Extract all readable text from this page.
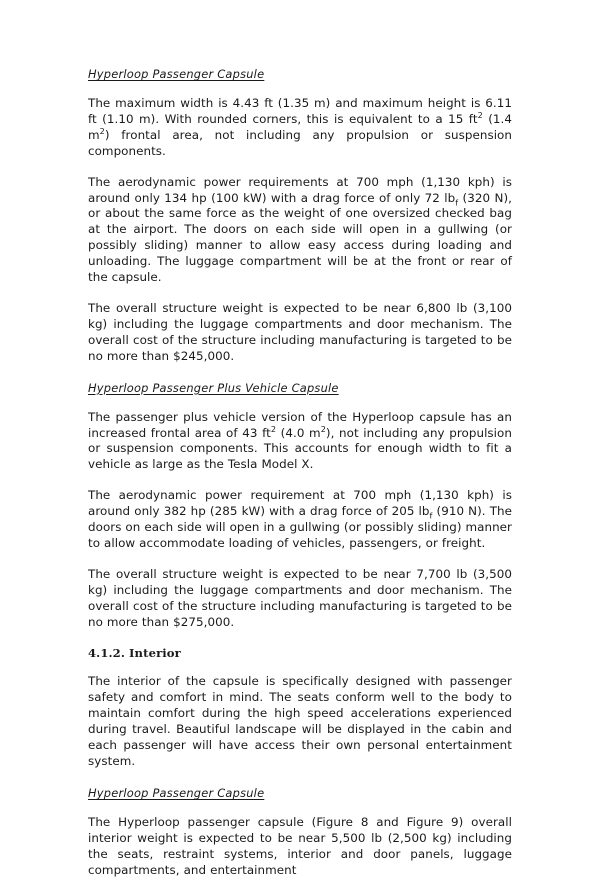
Hyperloop Passenger Capsule

The maximum width is 4.43 ft (1.35 m) and maximum height is 6.11 ft (1.10 m). With rounded corners, this is equivalent to a 15 $ft^2$ (1.4 $m^2$) frontal area, not including any propulsion or suspension components.

The aerodynamic power requirements at 700 mph (1,130 kph) is around only 134 hp (100 kW) with a drag force of only 72 $lb_f$ (320 N), or about the same force as the weight of one oversized checked bag at the airport. The doors on each side will open in a gullwing (or possibly sliding) manner to allow easy access during loading and unloading. The luggage compartment will be at the front or rear of the capsule.

The overall structure weight is expected to be near 6,800 lb (3,100 kg) including the luggage compartments and door mechanism. The overall cost of the structure including manufacturing is targeted to be no more than $245,000.

Hyperloop Passenger Plus Vehicle Capsule

The passenger plus vehicle version of the Hyperloop capsule has an increased frontal area of 43 $ft^2$ (4.0 $m^2$), not including any propulsion or suspension components. This accounts for enough width to fit a vehicle as large as the Tesla Model X.

The aerodynamic power requirement at 700 mph (1,130 kph) is around only 382 hp (285 kW) with a drag force of 205 $lb_f$ (910 N). The doors on each side will open in a gullwing (or possibly sliding) manner to allow accommodate loading of vehicles, passengers, or freight.

The overall structure weight is expected to be near 7,700 lb (3,500 kg) including the luggage compartments and door mechanism. The overall cost of the structure including manufacturing is targeted to be no more than $275,000.

4.1.2. Interior

The interior of the capsule is specifically designed with passenger safety and comfort in mind. The seats conform well to the body to maintain comfort during the high speed accelerations experienced during travel. Beautiful landscape will be displayed in the cabin and each passenger will have access their own personal entertainment system.

Hyperloop Passenger Capsule

The Hyperloop passenger capsule (Figure 8 and Figure 9) overall interior weight is expected to be near 5,500 lb (2,500 kg) including the seats, restraint systems, interior and door panels, luggage compartments, and entertainment
